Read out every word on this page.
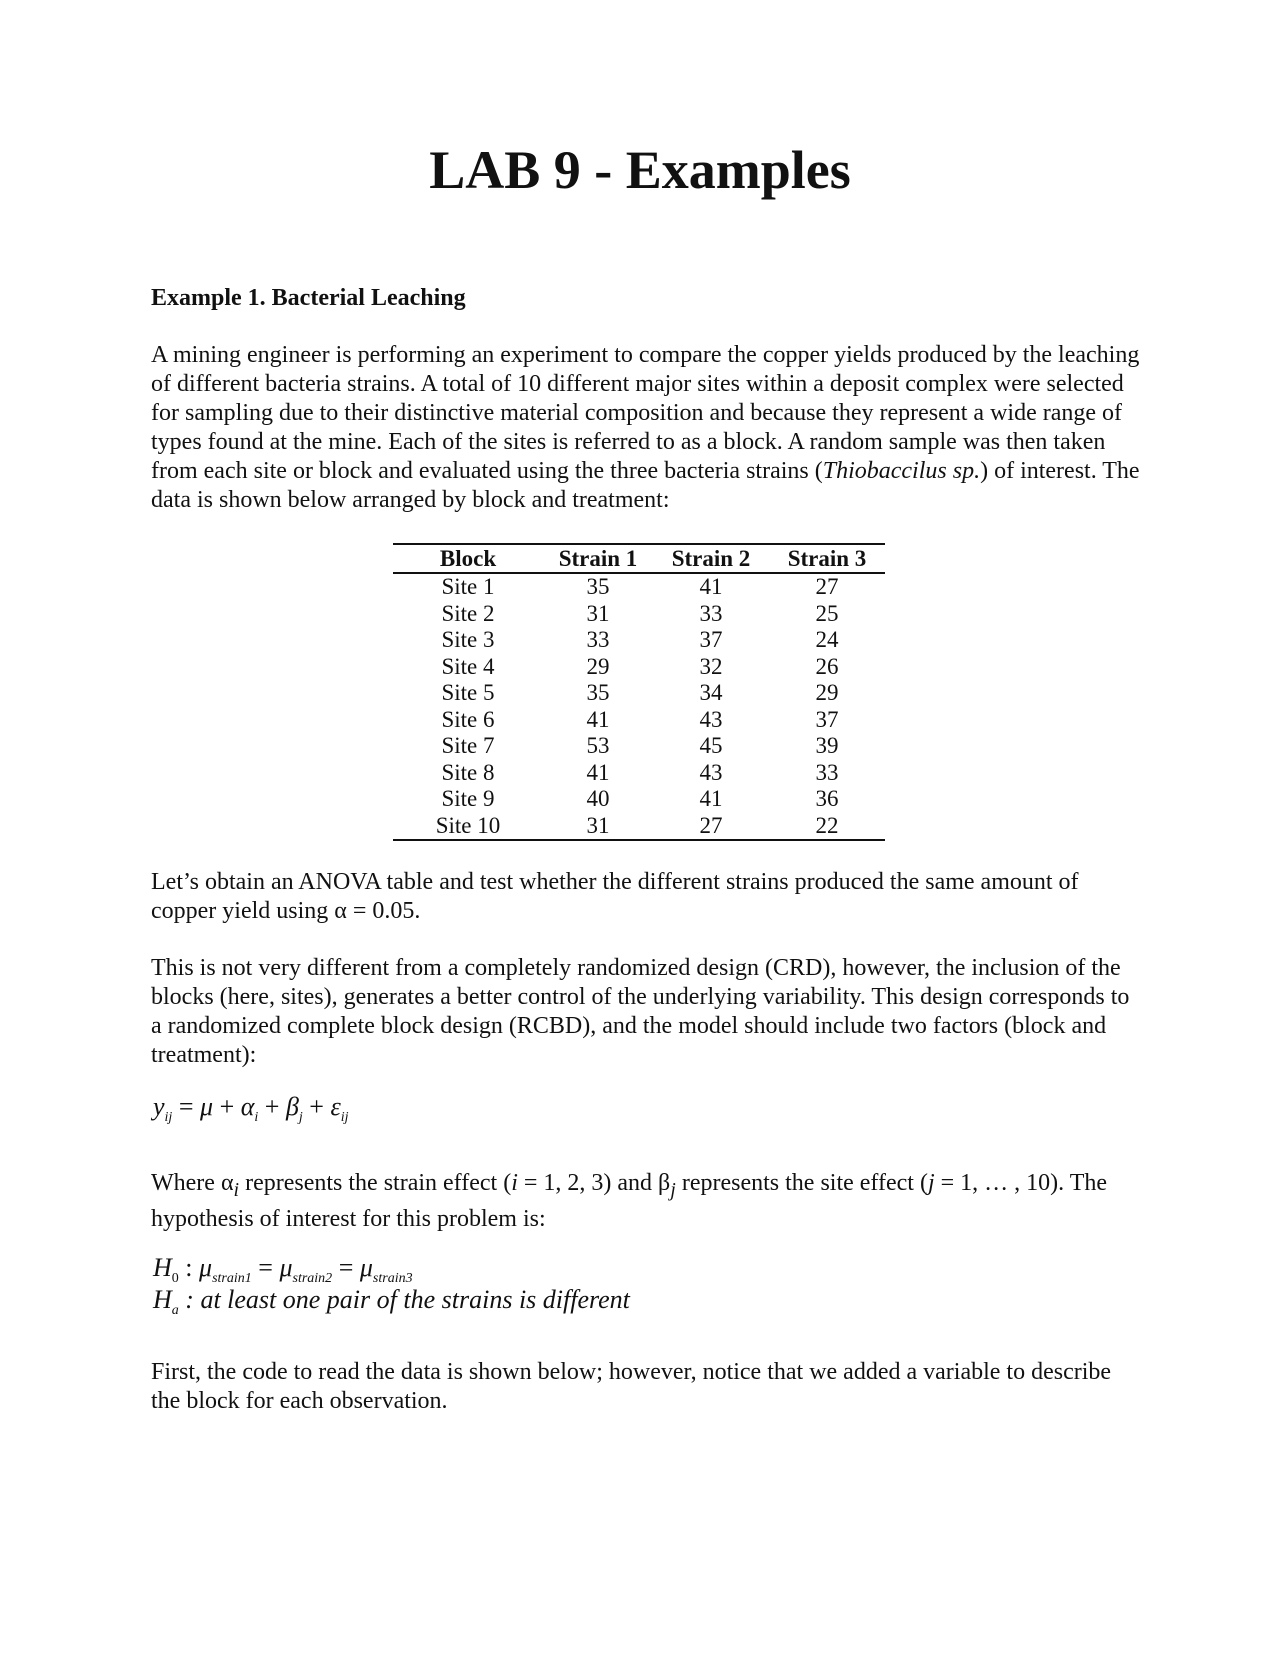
LAB 9 - Examples
Example 1. Bacterial Leaching

A mining engineer is performing an experiment to compare the copper yields produced by the leaching of different bacteria strains. A total of 10 different major sites within a deposit complex were selected for sampling due to their distinctive material composition and because they represent a wide range of types found at the mine. Each of the sites is referred to as a block. A random sample was then taken from each site or block and evaluated using the three bacteria strains (Thiobaccilus sp.) of interest. The data is shown below arranged by block and treatment:

Block	Strain 1	Strain 2	Strain 3
Site 1	35	41	27
Site 2	31	33	25
Site 3	33	37	24
Site 4	29	32	26
Site 5	35	34	29
Site 6	41	43	37
Site 7	53	45	39
Site 8	41	43	33
Site 9	40	41	36
Site 10	31	27	22

Let’s obtain an ANOVA table and test whether the different strains produced the same amount of copper yield using α = 0.05.

This is not very different from a completely randomized design (CRD), however, the inclusion of the blocks (here, sites), generates a better control of the underlying variability. This design corresponds to a randomized complete block design (RCBD), and the model should include two factors (block and treatment):

$y_{ij} = \mu + \alpha_i + \beta_j + \varepsilon_{ij}$

Where $\alpha_i$ represents the strain effect (i = 1, 2, 3) and $\beta_j$ represents the site effect (j = 1, … , 10). The hypothesis of interest for this problem is:

$H_0$ : $\mu_{strain1} = \mu_{strain2} = \mu_{strain3}$
$H_a$ : at least one pair of the strains is different

First, the code to read the data is shown below; however, notice that we added a variable to describe the block for each observation.
